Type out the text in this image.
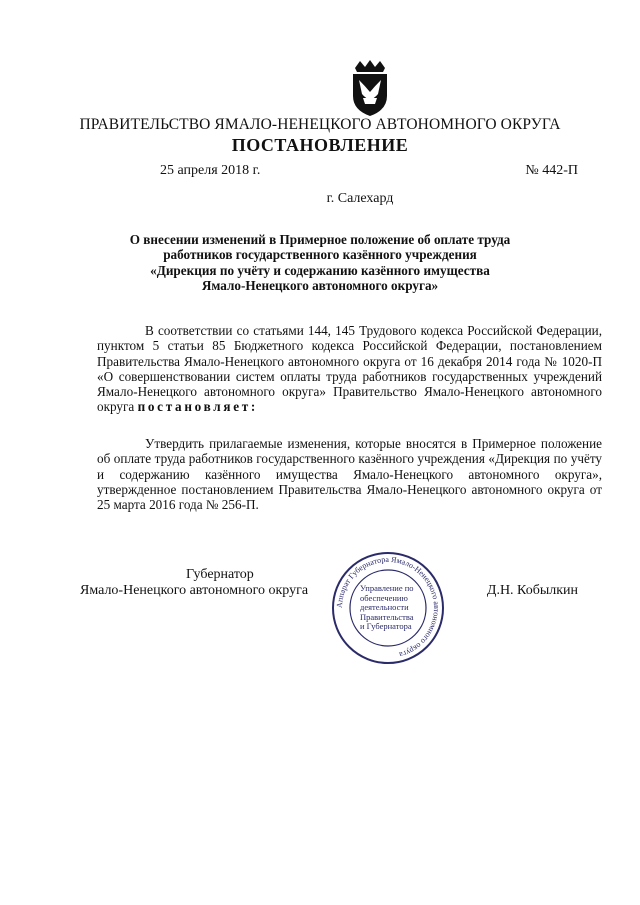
ПРАВИТЕЛЬСТВО ЯМАЛО-НЕНЕЦКОГО АВТОНОМНОГО ОКРУГА
ПОСТАНОВЛЕНИЕ
25 апреля 2018 г.	№ 442-П
г. Салехард
О внесении изменений в Примерное положение об оплате труда
работников государственного казённого учреждения
«Дирекция по учёту и содержанию казённого имущества
Ямало-Ненецкого автономного округа»
В соответствии со статьями 144, 145 Трудового кодекса Российской Федерации, пунктом 5 статьи 85 Бюджетного кодекса Российской Федерации, постановлением Правительства Ямало-Ненецкого автономного округа от 16 декабря 2014 года № 1020-П «О совершенствовании систем оплаты труда работников государственных учреждений Ямало-Ненецкого автономного округа» Правительство Ямало-Ненецкого автономного округа постановляет:
Утвердить прилагаемые изменения, которые вносятся в Примерное положение об оплате труда работников государственного казённого учреждения «Дирекция по учёту и содержанию казённого имущества Ямало-Ненецкого автономного округа», утвержденное постановлением Правительства Ямало-Ненецкого автономного округа от 25 марта 2016 года № 256-П.
Аппарат Губернатора Ямало-Ненецкого автономного округа
Управление по
обеспечению
деятельности
Правительства
и Губернатора
Губернатор
Ямало-Ненецкого автономного округа	Д.Н. Кобылкин
